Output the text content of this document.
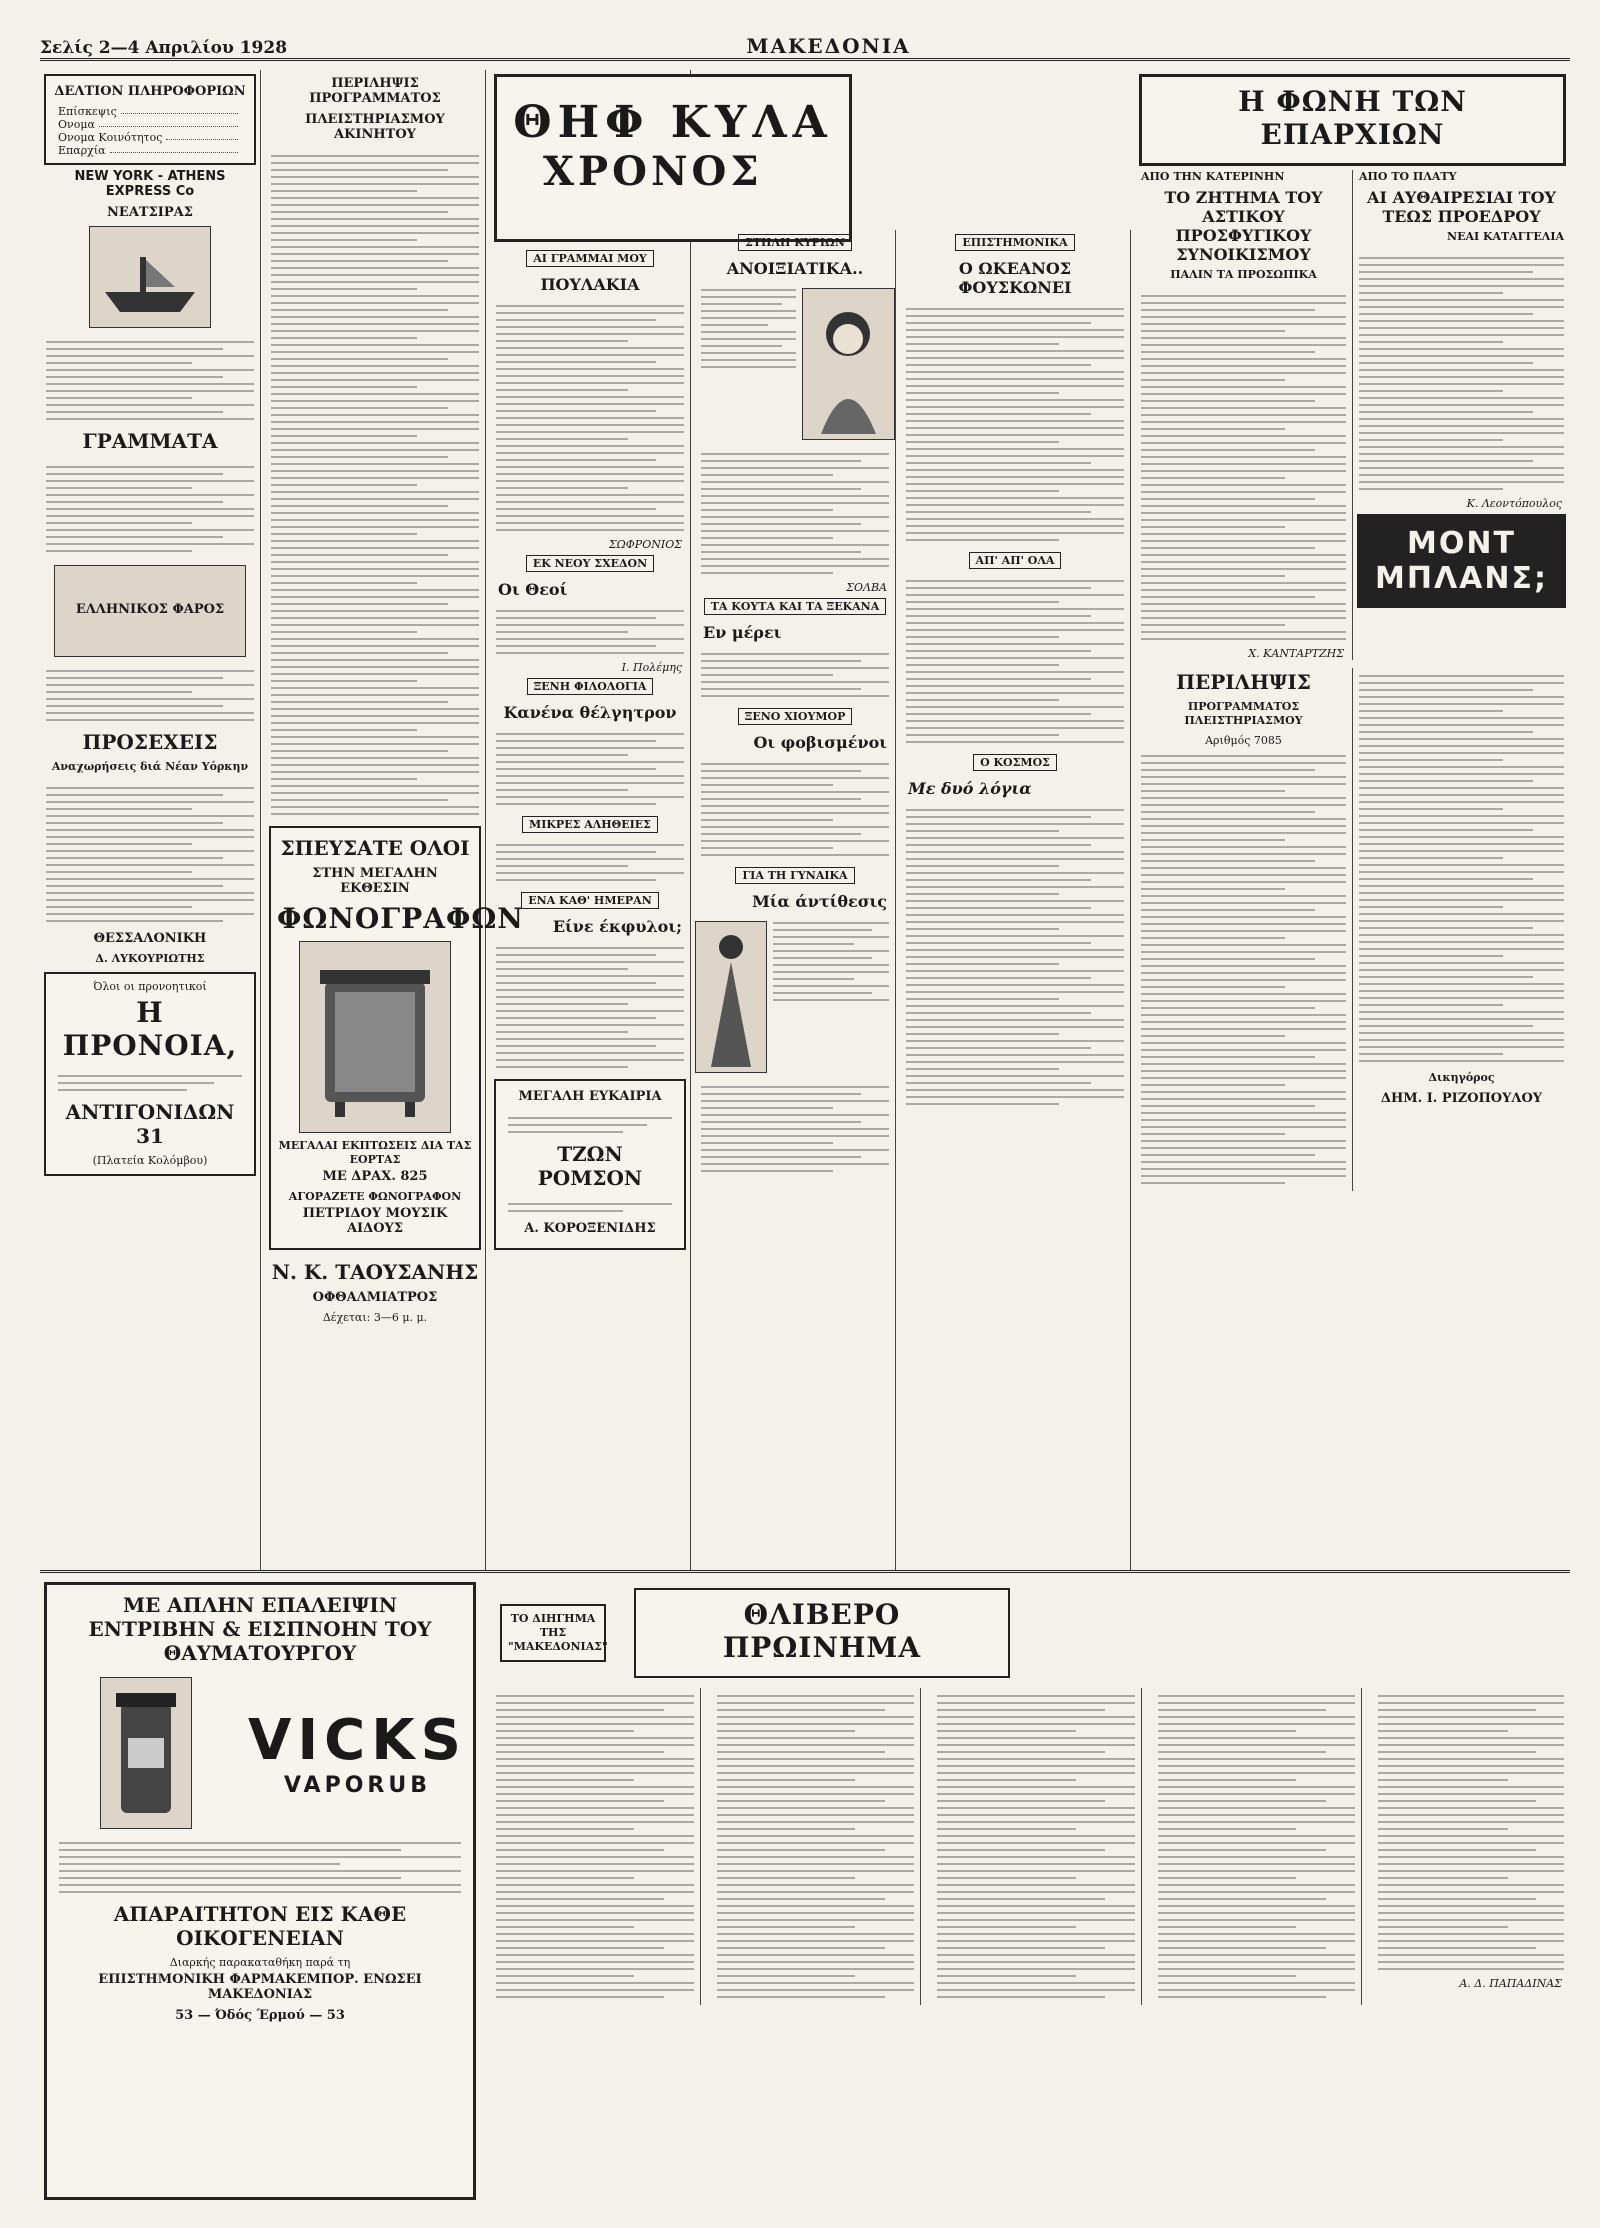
Σελίς 2—4 Απριλίου 1928	ΜΑΚΕΔΟΝΙΑ
ΔΕΛΤΙΟΝ ΠΛΗΡΟΦΟΡΙΩΝ
Επίσκεψις
Ονομα
Ονομα Κοινότητος
Επαρχία
NEW YORK - ATHENS EXPRESS Co
ΝΕΑΤΣΙΡΑΣ
ΓΡΑΜΜΑΤΑ
ΕΛΛΗΝΙΚΟΣ ΦΑΡΟΣ
ΠΡΟΣΕΧΕΙΣ
Αναχωρήσεις διά Νέαν Υόρκην
ΘΕΣΣΑΛΟΝΙΚΗ
Δ. ΛΥΚΟΥΡΙΩΤΗΣ
Όλοι οι προνοητικοί
Η ΠΡΟΝΟΙΑ,
ΑΝΤΙΓΟΝΙΔΩΝ 31
(Πλατεία Κολόμβου)
ΠΕΡΙΛΗΨΙΣ ΠΡΟΓΡΑΜΜΑΤΟΣ
ΠΛΕΙΣΤΗΡΙΑΣΜΟΥ ΑΚΙΝΗΤΟΥ
ΣΠΕΥΣΑΤΕ ΟΛΟΙ
ΣΤΗΝ ΜΕΓΑΛΗΝ ΕΚΘΕΣΙΝ
ΦΩΝΟΓΡΑΦΩΝ
ΜΕΓΑΛΑΙ ΕΚΠΤΩΣΕΙΣ ΔΙΑ ΤΑΣ ΕΟΡΤΑΣ
ΜΕ ΔΡΑΧ. 825
ΑΓΟΡΑΖΕΤΕ ΦΩΝΟΓΡΑΦΟΝ
ΠΕΤΡΙΔΟΥ ΜΟΥΣΙΚ ΑΙΔΟΥΣ
Ν. Κ. ΤΑΟΥΣΑΝΗΣ
ΟΦΘΑΛΜΙΑΤΡΟΣ
Δέχεται: 3—6 μ. μ.
ΘΗΦ ΚΥΛΑ
ΧΡΟΝΟΣ
ΑΙ ΓΡΑΜΜΑΙ ΜΟΥ
ΠΟΥΛΑΚΙΑ
ΣΩΦΡΟΝΙΟΣ
ΕΚ ΝΕΟΥ ΣΧΕΔΟΝ
Οι Θεοί
Ι. Πολέμης
ΞΕΝΗ ΦΙΛΟΛΟΓΙΑ
Κανένα θέλγητρον
ΜΙΚΡΕΣ ΑΛΗΘΕΙΕΣ
ΕΝΑ ΚΑΘ' ΗΜΕΡΑΝ
Είνε έκφυλοι;
ΜΕΓΑΛΗ ΕΥΚΑΙΡΙΑ
ΤΖΩΝ ΡΟΜΣΟΝ
Α. ΚΟΡΟΞΕΝΙΔΗΣ
ΣΤΗΛΗ ΚΥΡΙΩΝ
ΑΝΟΙΞΙΑΤΙΚΑ..
ΣΟΛΒΑ
ΤΑ ΚΟΥΤΑ ΚΑΙ ΤΑ ΞΕΚΑΝΑ
Εν μέρει
ΞΕΝΟ ΧΙΟΥΜΟΡ
Οι φοβισμένοι
ΓΙΑ ΤΗ ΓΥΝΑΙΚΑ
Μία άντίθεσις
ΕΠΙΣΤΗΜΟΝΙΚΑ
Ο ΩΚΕΑΝΟΣ ΦΟΥΣΚΩΝΕΙ
ΑΠ' ΑΠ' ΟΛΑ
Ο ΚΟΣΜΟΣ
Με δυό λόγια
Η ΦΩΝΗ ΤΩΝ ΕΠΑΡΧΙΩΝ
ΑΠΟ ΤΗΝ ΚΑΤΕΡΙΝΗΝ
ΤΟ ΖΗΤΗΜΑ ΤΟΥ ΑΣΤΙΚΟΥ ΠΡΟΣΦΥΓΙΚΟΥ ΣΥΝΟΙΚΙΣΜΟΥ
ΠΑΛΙΝ ΤΑ ΠΡΟΣΩΠΙΚΑ
Χ. ΚΑΝΤΑΡΤΖΗΣ
ΑΠΟ ΤΟ ΠΛΑΤΥ
ΑΙ ΑΥΘΑΙΡΕΣΙΑΙ ΤΟΥ ΤΕΩΣ ΠΡΟΕΔΡΟΥ
ΝΕΑΙ ΚΑΤΑΓΓΕΛΙΑ
Κ. Λεοντόπουλος
ΜΟΝΤ ΜΠΛΑΝΣ;
ΠΕΡΙΛΗΨΙΣ
ΠΡΟΓΡΑΜΜΑΤΟΣ ΠΛΕΙΣΤΗΡΙΑΣΜΟΥ
Αριθμός 7085
Δικηγόρος
ΔΗΜ. Ι. ΡΙΖΟΠΟΥΛΟΥ
ΜΕ ΑΠΛΗΝ ΕΠΑΛΕΙΨΙΝ ΕΝΤΡΙΒΗΝ & ΕΙΣΠΝΟΗΝ ΤΟΥ ΘΑΥΜΑΤΟΥΡΓΟΥ
VICKS
VAPORUB
ΑΠΑΡΑΙΤΗΤΟΝ ΕΙΣ ΚΑΘΕ ΟΙΚΟΓΕΝΕΙΑΝ
Διαρκής παρακαταθήκη παρά τη
ΕΠΙΣΤΗΜΟΝΙΚΗ ΦΑΡΜΑΚΕΜΠΟΡ. ΕΝΩΣΕΙ ΜΑΚΕΔΟΝΙΑΣ
53 — Όδός Έρμού — 53
ΤΟ ΔΙΗΓΗΜΑ ΤΗΣ "ΜΑΚΕΔΟΝΙΑΣ"
ΘΛΙΒΕΡΟ ΠΡΩΙΝΗΜΑ
Α. Δ. ΠΑΠΑΔΙΝΑΣ
